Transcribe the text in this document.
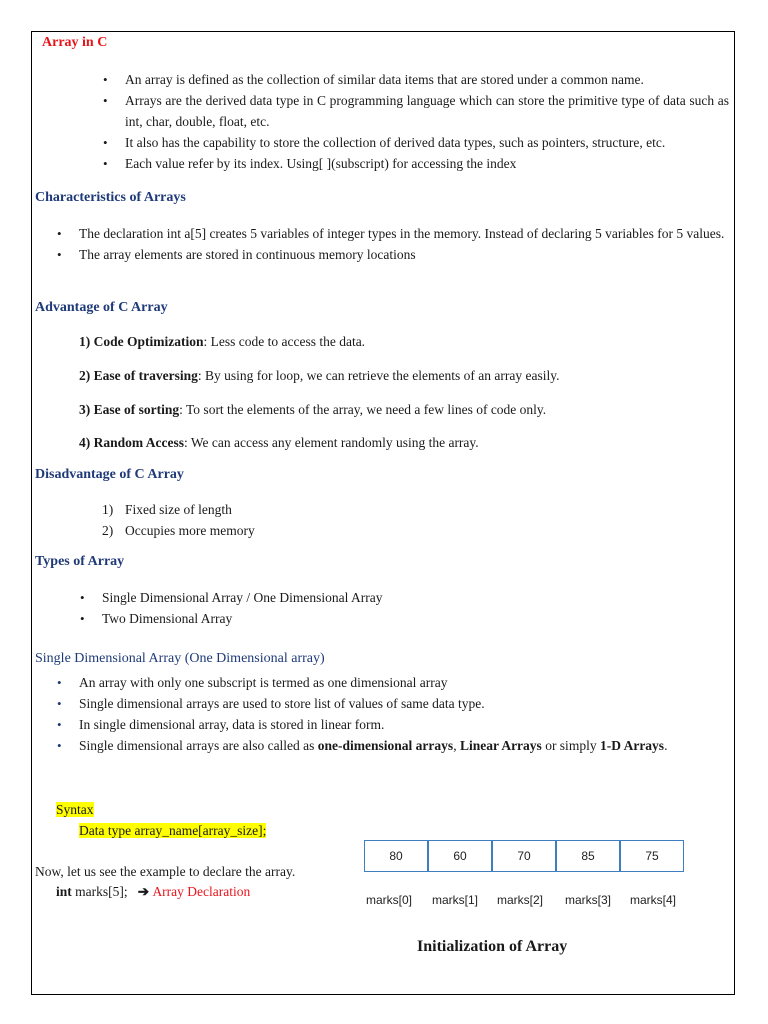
Array in C
• An array is defined as the collection of similar data items that are stored under a common name.
• Arrays are the derived data type in C programming language which can store the primitive type of data such as int, char, double, float, etc.
• It also has the capability to store the collection of derived data types, such as pointers, structure, etc.
• Each value refer by its index. Using[ ](subscript) for accessing the index
Characteristics of Arrays
• The declaration int a[5] creates 5 variables of integer types in the memory. Instead of declaring 5 variables for 5 values.
• The array elements are stored in continuous memory locations
Advantage of C Array
1) Code Optimization: Less code to access the data.
2) Ease of traversing: By using for loop, we can retrieve the elements of an array easily.
3) Ease of sorting: To sort the elements of the array, we need a few lines of code only.
4) Random Access: We can access any element randomly using the array.
Disadvantage of C Array
1) Fixed size of length
2) Occupies more memory
Types of Array
• Single Dimensional Array / One Dimensional Array
• Two Dimensional Array
Single Dimensional Array (One Dimensional array)
• An array with only one subscript is termed as one dimensional array
• Single dimensional arrays are used to store list of values of same data type.
• In single dimensional array, data is stored in linear form.
• Single dimensional arrays are also called as one-dimensional arrays, Linear Arrays or simply 1-D Arrays.
Syntax
Data type array_name[array_size];
Now, let us see the example to declare the array.
int marks[5]; ➔ Array Declaration
80	60	70	85	75
marks[0] marks[1] marks[2] marks[3] marks[4]
Initialization of Array
